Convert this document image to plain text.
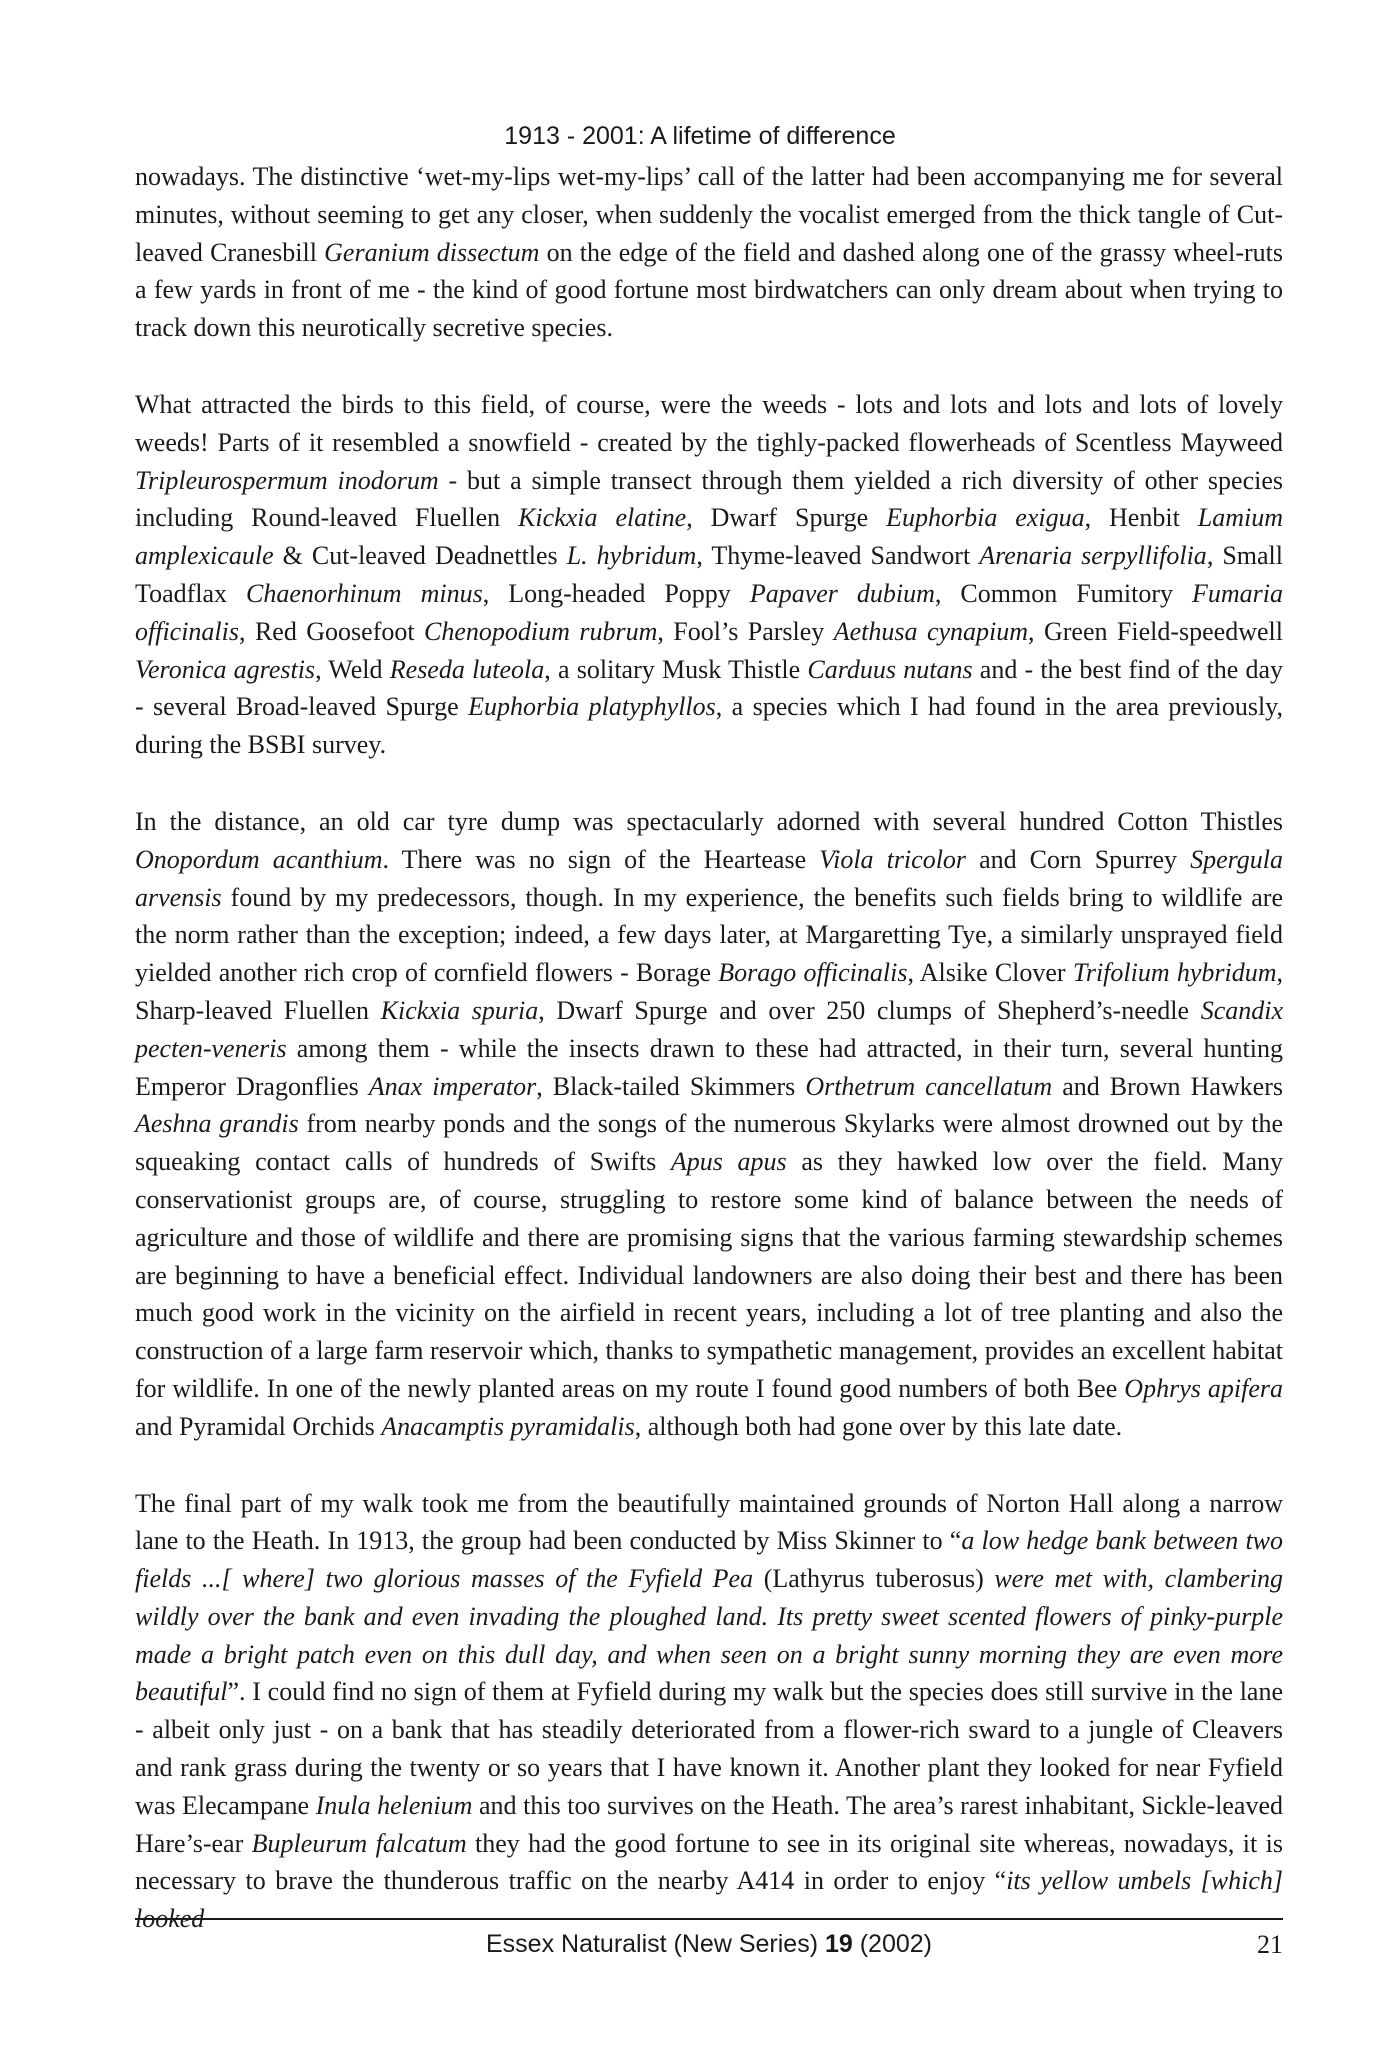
1913 - 2001: A lifetime of difference

nowadays. The distinctive ‘wet-my-lips wet-my-lips’ call of the latter had been accompanying me for several minutes, without seeming to get any closer, when suddenly the vocalist emerged from the thick tangle of Cut-leaved Cranesbill Geranium dissectum on the edge of the field and dashed along one of the grassy wheel-ruts a few yards in front of me - the kind of good fortune most birdwatchers can only dream about when trying to track down this neurotically secretive species.

What attracted the birds to this field, of course, were the weeds - lots and lots and lots and lots of lovely weeds! Parts of it resembled a snowfield - created by the tighly-packed flowerheads of Scentless Mayweed Tripleurospermum inodorum - but a simple transect through them yielded a rich diversity of other species including Round-leaved Fluellen Kickxia elatine, Dwarf Spurge Euphorbia exigua, Henbit Lamium amplexicaule & Cut-leaved Deadnettles L. hybridum, Thyme-leaved Sandwort Arenaria serpyllifolia, Small Toadflax Chaenorhinum minus, Long-headed Poppy Papaver dubium, Common Fumitory Fumaria officinalis, Red Goosefoot Chenopodium rubrum, Fool’s Parsley Aethusa cynapium, Green Field-speedwell Veronica agrestis, Weld Reseda luteola, a solitary Musk Thistle Carduus nutans and - the best find of the day - several Broad-leaved Spurge Euphorbia platyphyllos, a species which I had found in the area previously, during the BSBI survey.

In the distance, an old car tyre dump was spectacularly adorned with several hundred Cotton Thistles Onopordum acanthium. There was no sign of the Heartease Viola tricolor and Corn Spurrey Spergula arvensis found by my predecessors, though. In my experience, the benefits such fields bring to wildlife are the norm rather than the exception; indeed, a few days later, at Margaretting Tye, a similarly unsprayed field yielded another rich crop of cornfield flowers - Borage Borago officinalis, Alsike Clover Trifolium hybridum, Sharp-leaved Fluellen Kickxia spuria, Dwarf Spurge and over 250 clumps of Shepherd’s-needle Scandix pecten-veneris among them - while the insects drawn to these had attracted, in their turn, several hunting Emperor Dragonflies Anax imperator, Black-tailed Skimmers Orthetrum cancellatum and Brown Hawkers Aeshna grandis from nearby ponds and the songs of the numerous Skylarks were almost drowned out by the squeaking contact calls of hundreds of Swifts Apus apus as they hawked low over the field. Many conservationist groups are, of course, struggling to restore some kind of balance between the needs of agriculture and those of wildlife and there are promising signs that the various farming stewardship schemes are beginning to have a beneficial effect. Individual landowners are also doing their best and there has been much good work in the vicinity on the airfield in recent years, including a lot of tree planting and also the construction of a large farm reservoir which, thanks to sympathetic management, provides an excellent habitat for wildlife. In one of the newly planted areas on my route I found good numbers of both Bee Ophrys apifera and Pyramidal Orchids Anacamptis pyramidalis, although both had gone over by this late date.

The final part of my walk took me from the beautifully maintained grounds of Norton Hall along a narrow lane to the Heath. In 1913, the group had been conducted by Miss Skinner to “a low hedge bank between two fields ...[ where] two glorious masses of the Fyfield Pea (Lathyrus tuberosus) were met with, clambering wildly over the bank and even invading the ploughed land. Its pretty sweet scented flowers of pinky-purple made a bright patch even on this dull day, and when seen on a bright sunny morning they are even more beautiful”. I could find no sign of them at Fyfield during my walk but the species does still survive in the lane - albeit only just - on a bank that has steadily deteriorated from a flower-rich sward to a jungle of Cleavers and rank grass during the twenty or so years that I have known it. Another plant they looked for near Fyfield was Elecampane Inula helenium and this too survives on the Heath. The area’s rarest inhabitant, Sickle-leaved Hare’s-ear Bupleurum falcatum they had the good fortune to see in its original site whereas, nowadays, it is necessary to brave the thunderous traffic on the nearby A414 in order to enjoy “its yellow umbels [which] looked

Essex Naturalist (New Series) 19 (2002)	21
